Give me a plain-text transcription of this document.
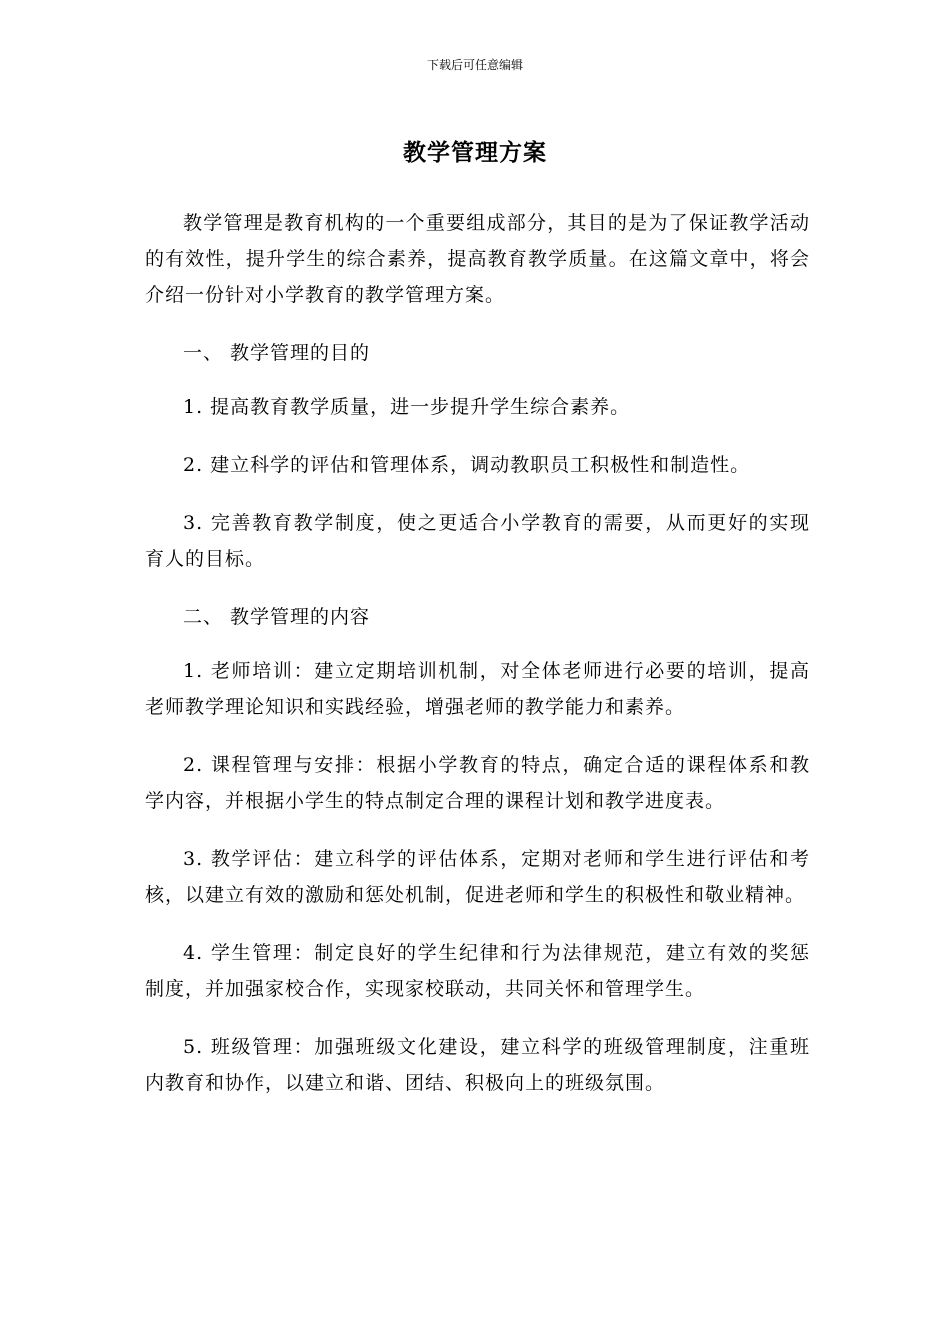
下载后可任意编辑
教学管理方案

教学管理是教育机构的一个重要组成部分，其目的是为了保证教学活动的有效性，提升学生的综合素养，提高教育教学质量。在这篇文章中，将会介绍一份针对小学教育的教学管理方案。

一、 教学管理的目的

1. 提高教育教学质量，进一步提升学生综合素养。

2. 建立科学的评估和管理体系，调动教职员工积极性和制造性。

3. 完善教育教学制度，使之更适合小学教育的需要，从而更好的实现育人的目标。

二、 教学管理的内容

1. 老师培训：建立定期培训机制，对全体老师进行必要的培训，提高老师教学理论知识和实践经验，增强老师的教学能力和素养。

2. 课程管理与安排：根据小学教育的特点，确定合适的课程体系和教学内容，并根据小学生的特点制定合理的课程计划和教学进度表。

3. 教学评估：建立科学的评估体系，定期对老师和学生进行评估和考核，以建立有效的激励和惩处机制，促进老师和学生的积极性和敬业精神。

4. 学生管理：制定良好的学生纪律和行为法律规范，建立有效的奖惩制度，并加强家校合作，实现家校联动，共同关怀和管理学生。

5. 班级管理：加强班级文化建设，建立科学的班级管理制度，注重班内教育和协作，以建立和谐、团结、积极向上的班级氛围。
